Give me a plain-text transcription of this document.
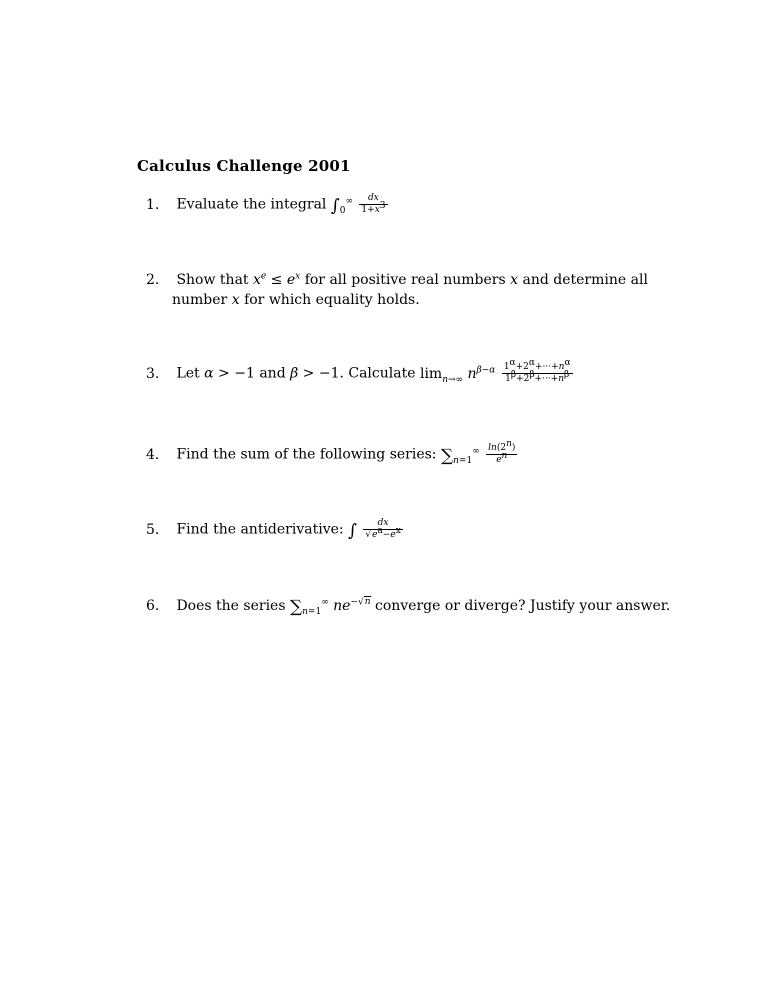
Calculus Challenge 2001
1. Evaluate the integral $\int_0^\infty \frac{dx}{1+x^3}$
2. Show that $x^e \le e^x$ for all positive real numbers x and determine all
number x for which equality holds.
3. Let α > −1 and β > −1. Calculate $\lim_{n\to\infty} n^{\beta-\alpha} \frac{1^\alpha+2^\alpha+\cdot\cdot\cdot+n^\alpha}{1^\beta+2^\beta+\cdot\cdot\cdot+n^\beta}$
4. Find the sum of the following series: $\sum_{n=1}^\infty \frac{\ln(2^n)}{e^n}$
5. Find the antiderivative: ∫ $\frac{dx}{√e^a-e^x}$
6. Does the series $\sum_{n=1}^\infty$ $ne^{-√n}$ converge or diverge? Justify your answer.
